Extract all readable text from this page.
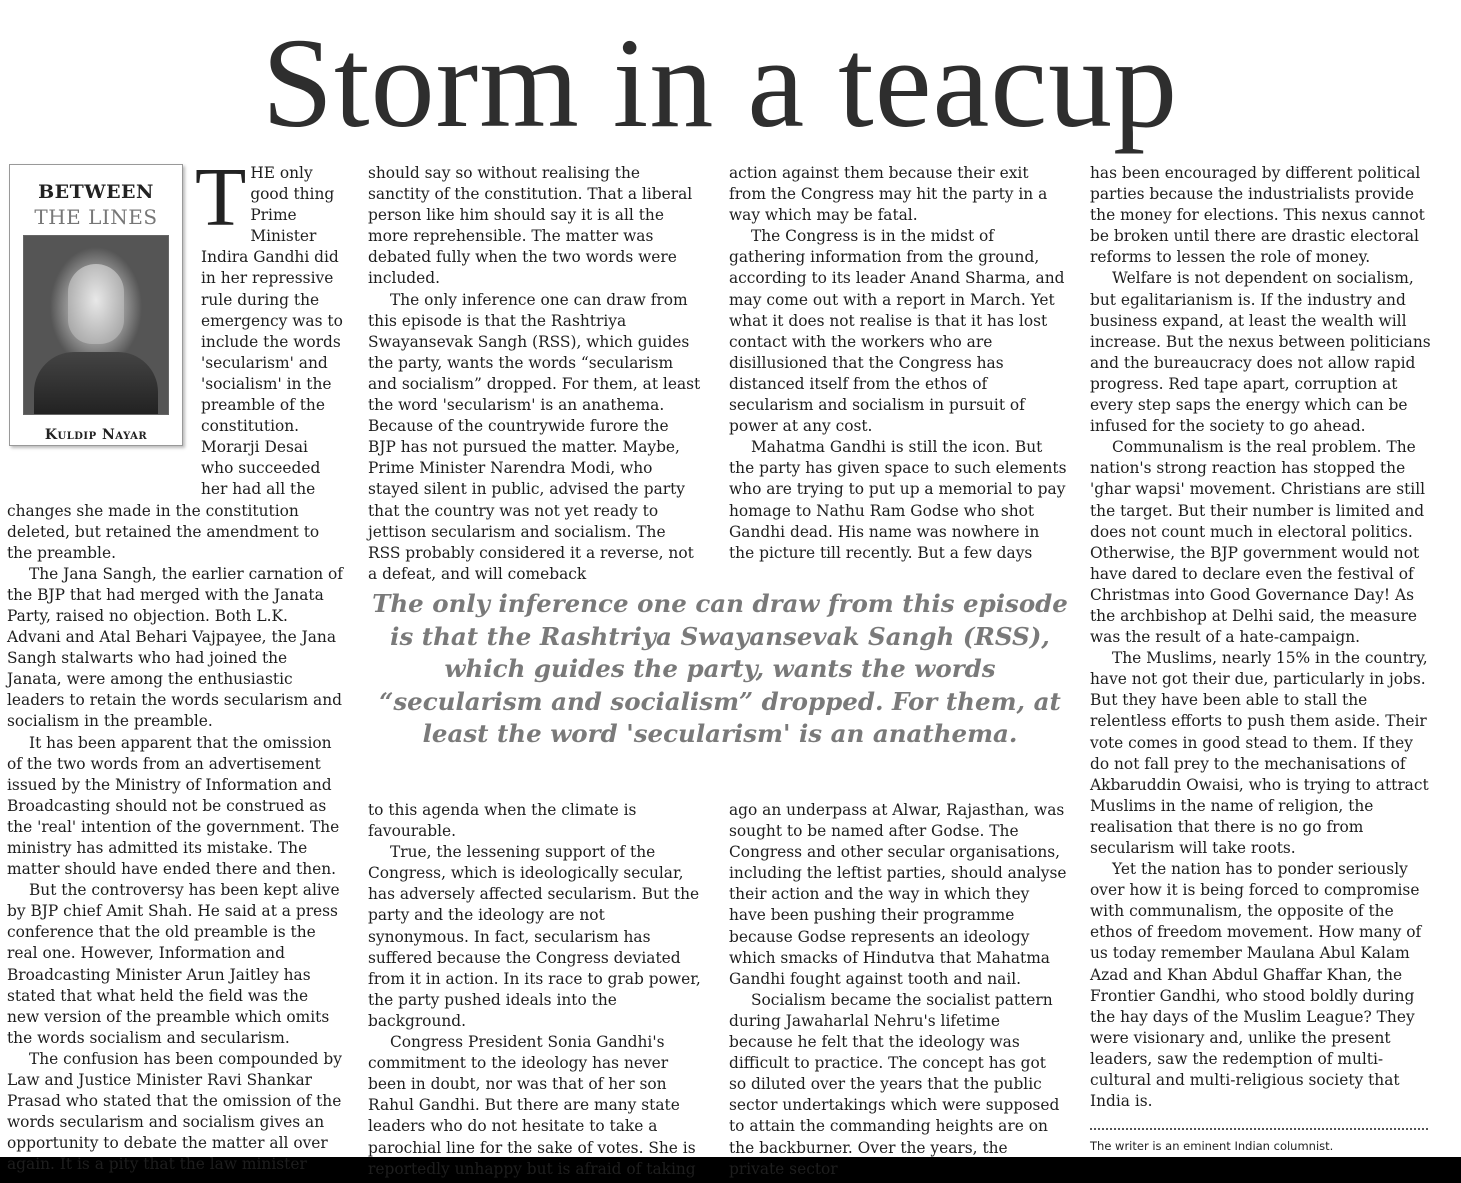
Storm in a teacup
BETWEEN
THE LINES
Kuldip Nayar

THE only good thing Prime Minister Indira Gandhi did in her repressive rule during the emergency was to include the words 'secularism' and 'socialism' in the preamble of the constitution. Morarji Desai who succeeded her had all the changes she made in the constitution deleted, but retained the amendment to the preamble.

The Jana Sangh, the earlier carnation of the BJP that had merged with the Janata Party, raised no objection. Both L.K. Advani and Atal Behari Vajpayee, the Jana Sangh stalwarts who had joined the Janata, were among the enthusiastic leaders to retain the words secularism and socialism in the preamble.

It has been apparent that the omission of the two words from an advertisement issued by the Ministry of Information and Broadcasting should not be construed as the 'real' intention of the government. The ministry has admitted its mistake. The matter should have ended there and then.

But the controversy has been kept alive by BJP chief Amit Shah. He said at a press conference that the old preamble is the real one. However, Information and Broadcasting Minister Arun Jaitley has stated that what held the field was the new version of the preamble which omits the words socialism and secularism.

The confusion has been compounded by Law and Justice Minister Ravi Shankar Prasad who stated that the omission of the words secularism and socialism gives an opportunity to debate the matter all over again. It is a pity that the law minister

should say so without realising the sanctity of the constitution. That a liberal person like him should say it is all the more reprehensible. The matter was debated fully when the two words were included.

The only inference one can draw from this episode is that the Rashtriya Swayansevak Sangh (RSS), which guides the party, wants the words “secularism and socialism” dropped. For them, at least the word 'secularism' is an anathema. Because of the countrywide furore the BJP has not pursued the matter. Maybe, Prime Minister Narendra Modi, who stayed silent in public, advised the party that the country was not yet ready to jettison secularism and socialism. The RSS probably considered it a reverse, not a defeat, and will comeback

action against them because their exit from the Congress may hit the party in a way which may be fatal.

The Congress is in the midst of gathering information from the ground, according to its leader Anand Sharma, and may come out with a report in March. Yet what it does not realise is that it has lost contact with the workers who are disillusioned that the Congress has distanced itself from the ethos of secularism and socialism in pursuit of power at any cost.

Mahatma Gandhi is still the icon. But the party has given space to such elements who are trying to put up a memorial to pay homage to Nathu Ram Godse who shot Gandhi dead. His name was nowhere in the picture till recently. But a few days

The only inference one can draw from this episode is that the Rashtriya Swayansevak Sangh (RSS), which guides the party, wants the words “secularism and socialism” dropped. For them, at least the word 'secularism' is an anathema.

to this agenda when the climate is favourable.

True, the lessening support of the Congress, which is ideologically secular, has adversely affected secularism. But the party and the ideology are not synonymous. In fact, secularism has suffered because the Congress deviated from it in action. In its race to grab power, the party pushed ideals into the background.

Congress President Sonia Gandhi's commitment to the ideology has never been in doubt, nor was that of her son Rahul Gandhi. But there are many state leaders who do not hesitate to take a parochial line for the sake of votes. She is reportedly unhappy but is afraid of taking

ago an underpass at Alwar, Rajasthan, was sought to be named after Godse. The Congress and other secular organisations, including the leftist parties, should analyse their action and the way in which they have been pushing their programme because Godse represents an ideology which smacks of Hindutva that Mahatma Gandhi fought against tooth and nail.

Socialism became the socialist pattern during Jawaharlal Nehru's lifetime because he felt that the ideology was difficult to practice. The concept has got so diluted over the years that the public sector undertakings which were supposed to attain the commanding heights are on the backburner. Over the years, the private sector

has been encouraged by different political parties because the industrialists provide the money for elections. This nexus cannot be broken until there are drastic electoral reforms to lessen the role of money.

Welfare is not dependent on socialism, but egalitarianism is. If the industry and business expand, at least the wealth will increase. But the nexus between politicians and the bureaucracy does not allow rapid progress. Red tape apart, corruption at every step saps the energy which can be infused for the society to go ahead.

Communalism is the real problem. The nation's strong reaction has stopped the 'ghar wapsi' movement. Christians are still the target. But their number is limited and does not count much in electoral politics. Otherwise, the BJP government would not have dared to declare even the festival of Christmas into Good Governance Day! As the archbishop at Delhi said, the measure was the result of a hate-campaign.

The Muslims, nearly 15% in the country, have not got their due, particularly in jobs. But they have been able to stall the relentless efforts to push them aside. Their vote comes in good stead to them. If they do not fall prey to the mechanisations of Akbaruddin Owaisi, who is trying to attract Muslims in the name of religion, the realisation that there is no go from secularism will take roots.

Yet the nation has to ponder seriously over how it is being forced to compromise with communalism, the opposite of the ethos of freedom movement. How many of us today remember Maulana Abul Kalam Azad and Khan Abdul Ghaffar Khan, the Frontier Gandhi, who stood boldly during the hay days of the Muslim League? They were visionary and, unlike the present leaders, saw the redemption of multi-cultural and multi-religious society that India is.

The writer is an eminent Indian columnist.
